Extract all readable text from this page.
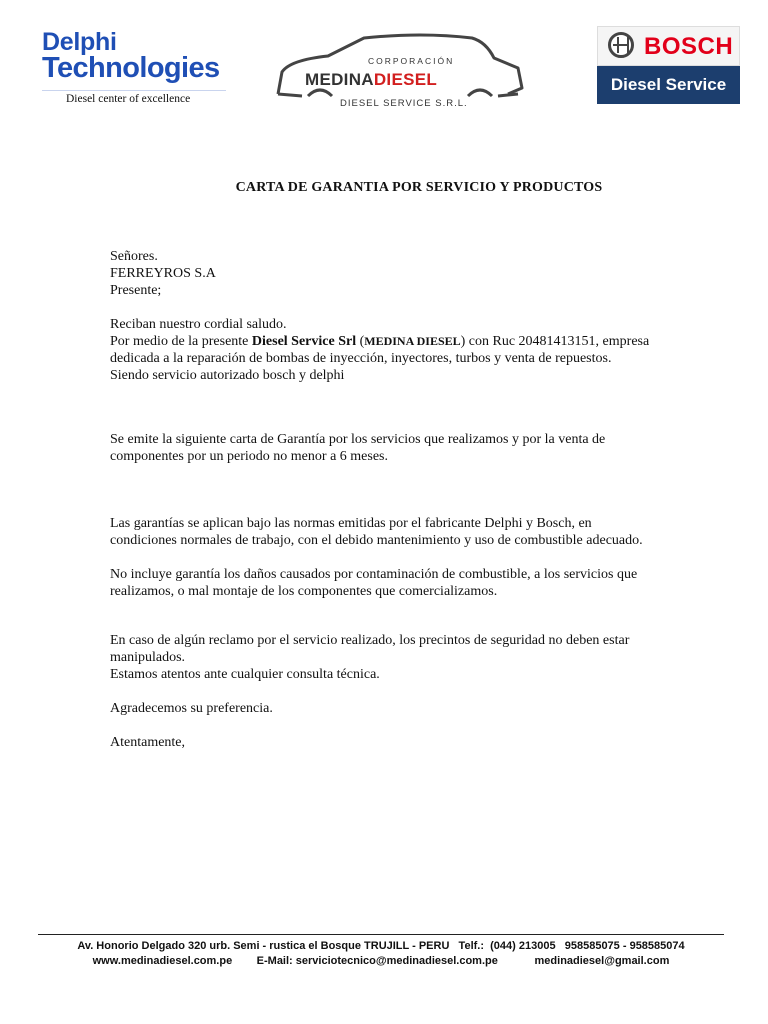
Delphi
Technologies
Diesel center of excellence
CORPORACIÓN
MEDINADIESEL
DIESEL SERVICE S.R.L.
BOSCH
Diesel Service
CARTA DE GARANTIA POR SERVICIO Y PRODUCTOS
Señores.
FERREYROS S.A
Presente;
Reciban nuestro cordial saludo.
Por medio de la presente Diesel Service Srl (MEDINA DIESEL) con Ruc 20481413151, empresa
dedicada a la reparación de bombas de inyección, inyectores, turbos y venta de repuestos.
Siendo servicio autorizado bosch y delphi
Se emite la siguiente carta de Garantía por los servicios que realizamos y por la venta de
componentes por un periodo no menor a 6 meses.
Las garantías se aplican bajo las normas emitidas por el fabricante Delphi y Bosch, en
condiciones normales de trabajo, con el debido mantenimiento y uso de combustible adecuado.
No incluye garantía los daños causados por contaminación de combustible, a los servicios que
realizamos, o mal montaje de los componentes que comercializamos.
En caso de algún reclamo por el servicio realizado, los precintos de seguridad no deben estar
manipulados.
Estamos atentos ante cualquier consulta técnica.
Agradecemos su preferencia.
Atentamente,
Av. Honorio Delgado 320 urb. Semi - rustica el Bosque TRUJILL - PERU   Telf.:  (044) 213005   958585075 - 958585074
www.medinadiesel.com.pe        E-Mail: serviciotecnico@medinadiesel.com.pe            medinadiesel@gmail.com
